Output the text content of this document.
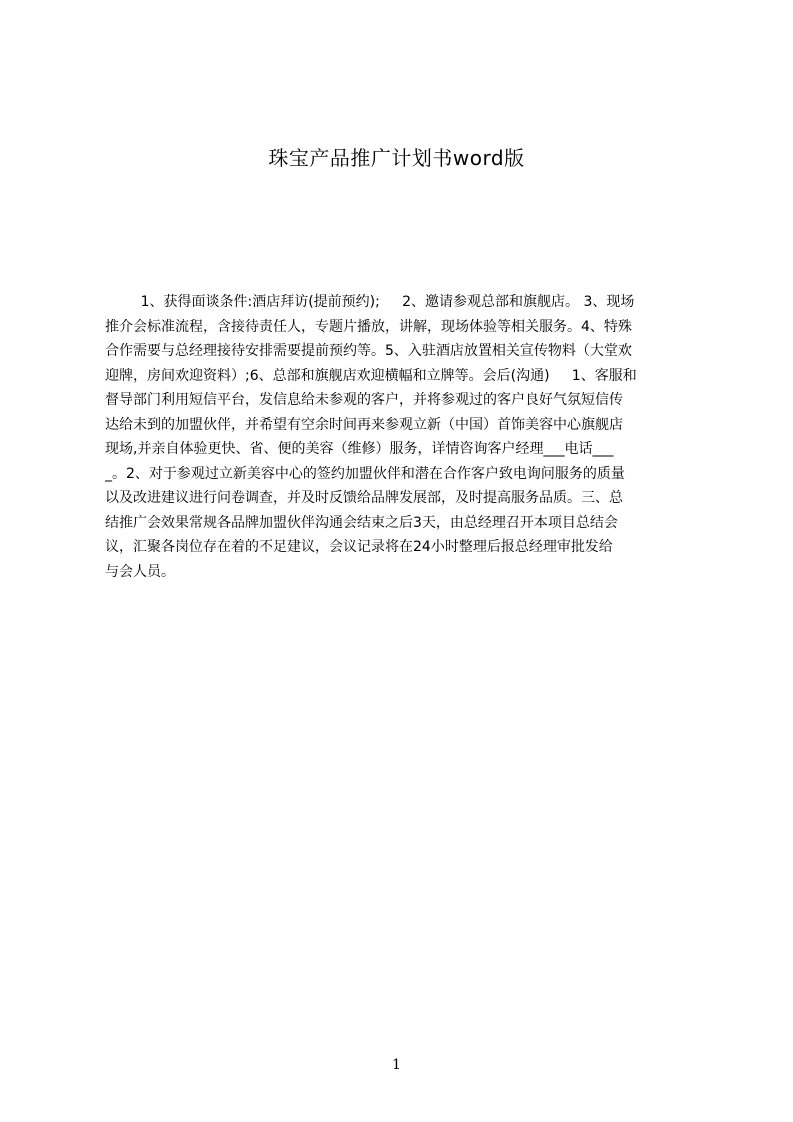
珠宝产品推广计划书word版
1、获得面谈条件:酒店拜访(提前预约);     2、邀请参观总部和旗舰店。 3、现场
推介会标准流程，含接待责任人，专题片播放，讲解，现场体验等相关服务。4、特殊
合作需要与总经理接待安排需要提前预约等。5、入驻酒店放置相关宣传物料（大堂欢
迎牌，房间欢迎资料）;6、总部和旗舰店欢迎横幅和立牌等。会后(沟通)     1、客服和
督导部门利用短信平台，发信息给未参观的客户，并将参观过的客户良好气氛短信传
达给未到的加盟伙伴，并希望有空余时间再来参观立新（中国）首饰美容中心旗舰店
现场,并亲自体验更快、省、便的美容（维修）服务，详情咨询客户经理___电话___
_。2、对于参观过立新美容中心的签约加盟伙伴和潜在合作客户致电询问服务的质量
以及改进建议进行问卷调查，并及时反馈给品牌发展部，及时提高服务品质。三、总
结推广会效果常规各品牌加盟伙伴沟通会结束之后3天，由总经理召开本项目总结会
议，汇聚各岗位存在着的不足建议，会议记录将在24小时整理后报总经理审批发给
与会人员。
1
